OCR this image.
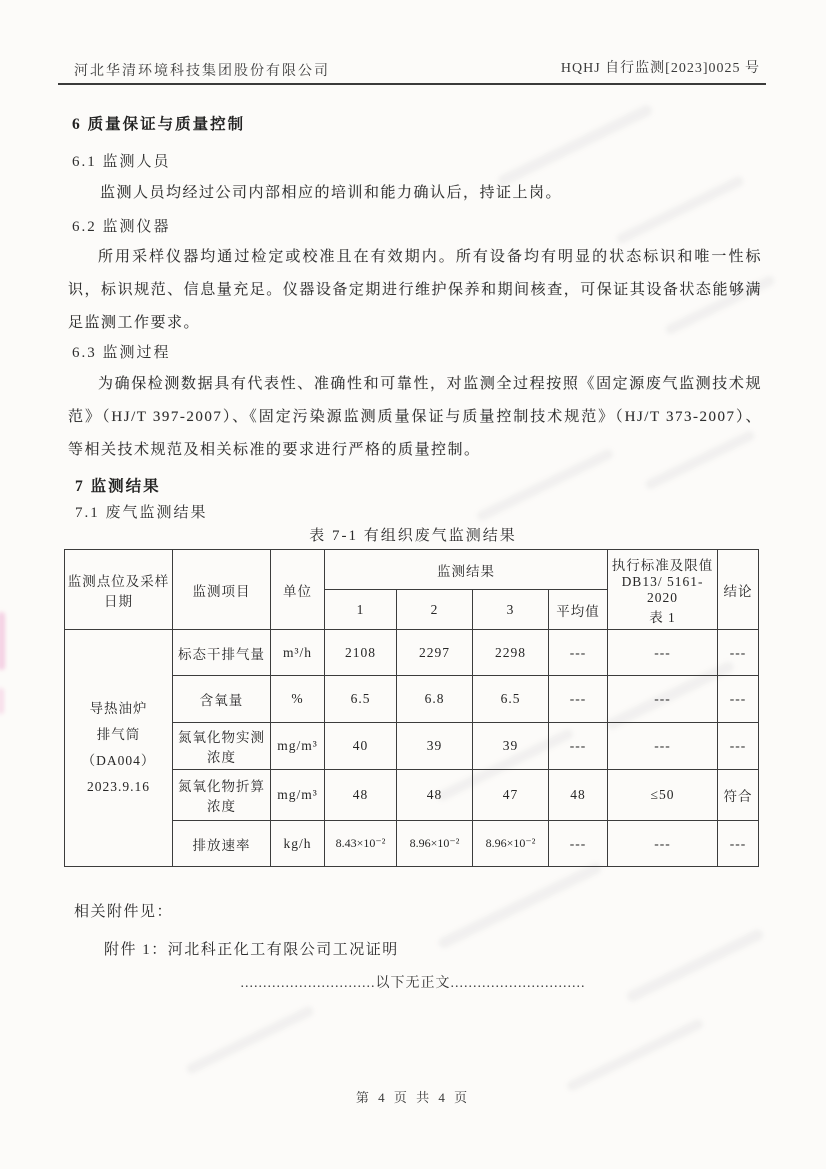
河北华清环境科技集团股份有限公司	HQHJ 自行监测[2023]0025 号
6 质量保证与质量控制
6.1 监测人员
监测人员均经过公司内部相应的培训和能力确认后，持证上岗。
6.2 监测仪器
所用采样仪器均通过检定或校准且在有效期内。所有设备均有明显的状态标识和唯一性标识，标识规范、信息量充足。仪器设备定期进行维护保养和期间核查，可保证其设备状态能够满足监测工作要求。
6.3 监测过程
为确保检测数据具有代表性、准确性和可靠性，对监测全过程按照《固定源废气监测技术规范》（HJ/T 397-2007）、《固定污染源监测质量保证与质量控制技术规范》（HJ/T 373-2007）、等相关技术规范及相关标准的要求进行严格的质量控制。
7 监测结果
7.1 废气监测结果
表 7-1 有组织废气监测结果
监测点位及采样日期	监测项目	单位	监测结果				执行标准及限值
DB13/ 5161-2020
表 1	结论
			1	2	3	平均值		

导热油炉
排气筒
（DA004）
2023.9.16	标态干排气量	m³/h	2108	2297	2298	---	---	---
	含氧量	%	6.5	6.8	6.5	---	---	---
	氮氧化物实测浓度	mg/m³	40	39	39	---	---	---
	氮氧化物折算浓度	mg/m³	48	48	47	48	≤50	符合
	排放速率	kg/h	8.43×10⁻²	8.96×10⁻²	8.96×10⁻²	---	---	---
相关附件见：
附件 1：河北科正化工有限公司工况证明
..............................以下无正文..............................
第 4 页 共 4 页
